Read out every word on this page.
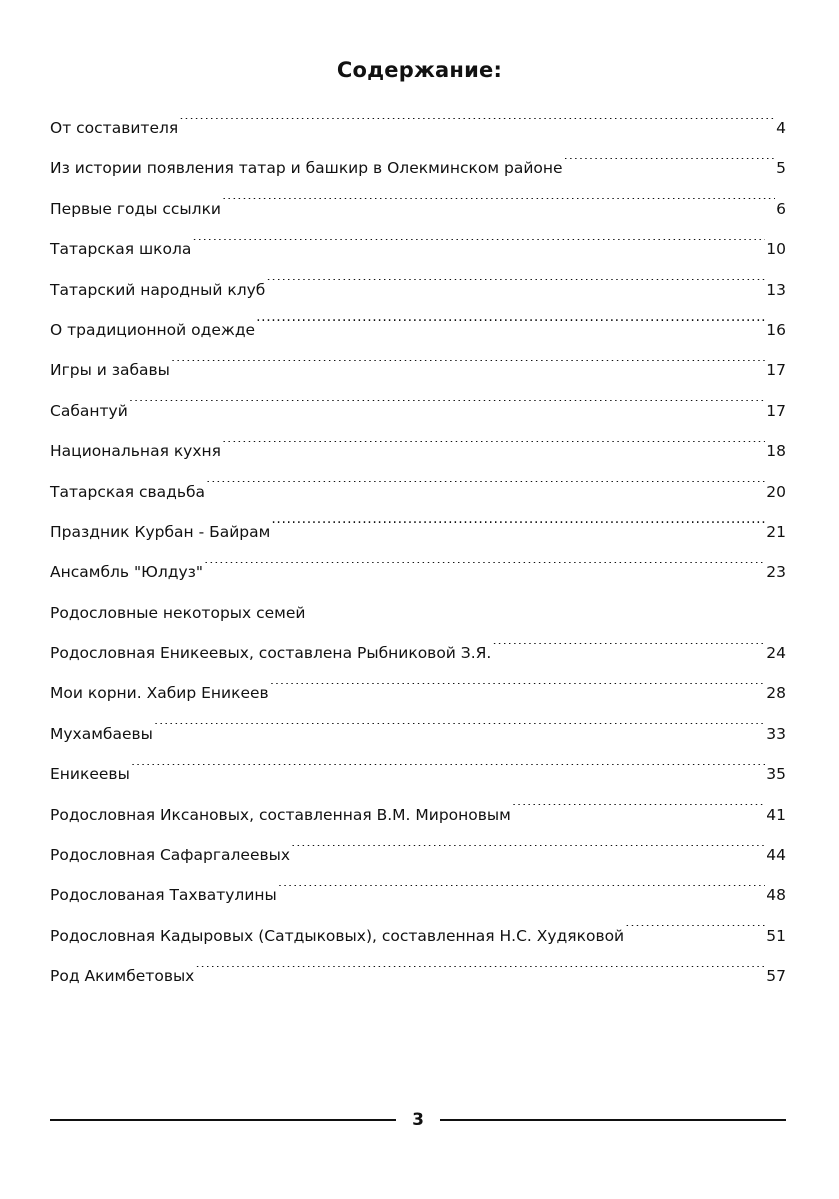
Содержание:
От составителя .....	4
Из истории появления татар и башкир в Олекминском районе .....	5
Первые годы ссылки .....	6
Татарская школа .....	10
Татарский народный клуб .....	13
О традиционной одежде .....	16
Игры и забавы .....	17
Сабантуй .....	17
Национальная кухня .....	18
Татарская свадьба .....	20
Праздник Курбан - Байрам .....	21
Ансамбль "Юлдуз" .....	23
Родословные некоторых семей
Родословная Еникеевых, составлена Рыбниковой З.Я. .....	24
Мои корни. Хабир Еникеев .....	28
Мухамбаевы .....	33
Еникеевы .....	35
Родословная Иксановых, составленная В.М. Мироновым .....	41
Родословная Сафаргалеевых .....	44
Родослованая Тахватулины .....	48
Родословная Кадыровых (Сатдыковых), составленная Н.С. Худяковой .....	51
Род Акимбетовых .....	57
3
